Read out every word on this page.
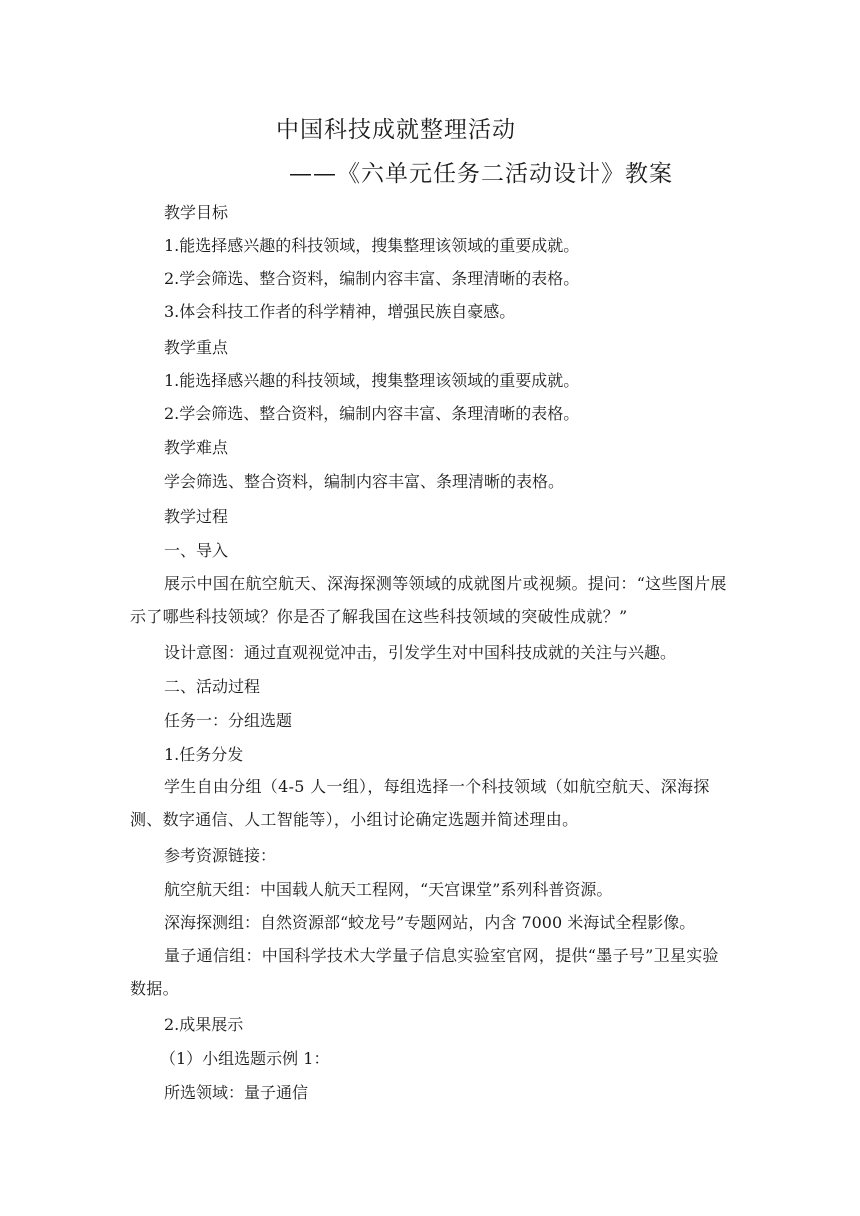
中国科技成就整理活动
——《六单元任务二活动设计》教案
教学目标
1.能选择感兴趣的科技领域，搜集整理该领域的重要成就。
2.学会筛选、整合资料，编制内容丰富、条理清晰的表格。
3.体会科技工作者的科学精神，增强民族自豪感。
教学重点
1.能选择感兴趣的科技领域，搜集整理该领域的重要成就。
2.学会筛选、整合资料，编制内容丰富、条理清晰的表格。
教学难点
学会筛选、整合资料，编制内容丰富、条理清晰的表格。
教学过程
一、导入
展示中国在航空航天、深海探测等领域的成就图片或视频。提问：“这些图片展示了哪些科技领域？你是否了解我国在这些科技领域的突破性成就？”
设计意图：通过直观视觉冲击，引发学生对中国科技成就的关注与兴趣。
二、活动过程
任务一：分组选题
1.任务分发
学生自由分组（4-5 人一组），每组选择一个科技领域（如航空航天、深海探测、数字通信、人工智能等），小组讨论确定选题并简述理由。
参考资源链接：
航空航天组：中国载人航天工程网，“天宫课堂”系列科普资源。
深海探测组：自然资源部“蛟龙号”专题网站，内含 7000 米海试全程影像。
量子通信组：中国科学技术大学量子信息实验室官网，提供“墨子号”卫星实验数据。
2.成果展示
（1）小组选题示例 1：
所选领域：量子通信
